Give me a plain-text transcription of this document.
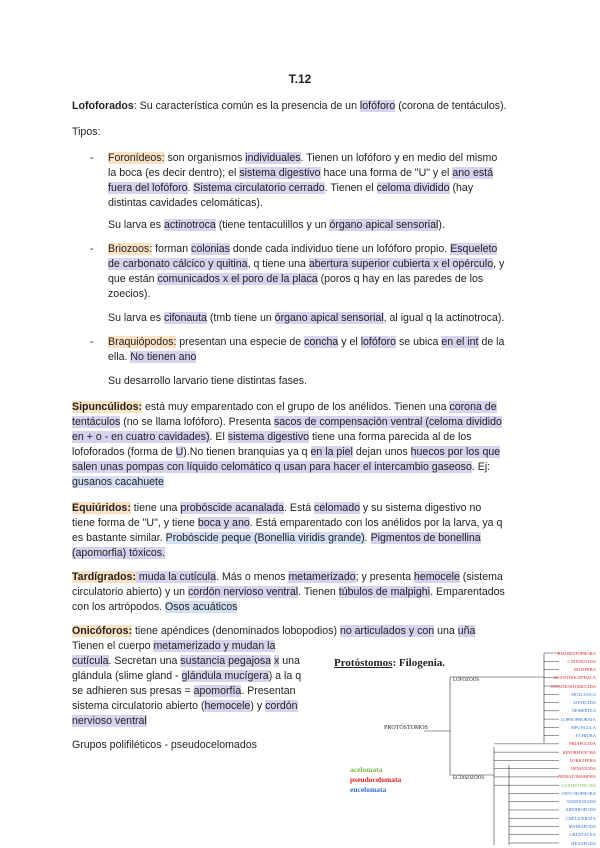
T.12
Lofoforados: Su característica común es la presencia de un lofóforo (corona de tentáculos).
Tipos:
- Foronídeos: son organismos individuales. Tienen un lofóforo y en medio del mismo
la boca (es decir dentro); el sistema digestivo hace una forma de "U" y el ano está
fuera del lofóforo. Sistema circulatorio cerrado. Tienen el celoma dividido (hay
distintas cavidades celomáticas).
Su larva es actinotroca (tiene tentaculillos y un órgano apical sensorial).
- Briozoos: forman colonias donde cada individuo tiene un lofóforo propio. Esqueleto
de carbonato cálcico y quitina, q tiene una abertura superior cubierta x el opérculo, y
que están comunicados x el poro de la placa (poros q hay en las paredes de los
zoecios).
Su larva es cifonauta (tmb tiene un órgano apical sensorial, al igual q la actinotroca).
- Braquiópodos: presentan una especie de concha y el lofóforo se ubica en el int de la
ella. No tienen ano
Su desarrollo larvario tiene distintas fases.
Sipuncúlidos: está muy emparentado con el grupo de los anélidos. Tienen una corona de
tentáculos (no se llama lofóforo). Presenta sacos de compensación ventral (celoma dividido
en + o - en cuatro cavidades). El sistema digestivo tiene una forma parecida al de los
lofoforados (forma de U).No tienen branquias ya q en la piel dejan unos huecos por los que
salen unas pompas con líquido celomático q usan para hacer el intercambio gaseoso. Ej:
gusanos cacahuete
Equiúridos: tiene una probóscide acanalada. Está celomado y su sistema digestivo no
tiene forma de "U", y tiene boca y ano. Está emparentado con los anélidos por la larva, ya q
es bastante similar. Probóscide peque (Bonellia viridis grande). Pigmentos de bonellina
(apomorfia) tóxicos.
Tardígrados: muda la cutícula. Más o menos metamerizado; y presenta hemocele (sistema
circulatorio abierto) y un cordón nervioso ventral. Tienen túbulos de malpighi. Emparentados
con los artrópodos. Osos acuáticos
Onicóforos: tiene apéndices (denominados lobopodios) no articulados y con una uña
Tienen el cuerpo metamerizado y mudan la
cutícula. Secretan una sustancia pegajosa x una
glándula (slime gland - glándula mucígera) a la q
se adhieren sus presas = apomorfía. Presentan
sistema circulatorio abierto (hemocele) y cordón
nervioso ventral
Grupos polifiléticos - pseudocelomados
Protóstomos: Filogenia.
LOFOZOOS
PROTÓSTOMOS
ECDISOZOOS
acelomata
pseudocelomata
eucelomata
RHABDITOPHORA
CATENULIDA
ROTIFERA
ACANTHOCEPHALA
GNATHOSTOMULIDA
MOLLUSCA
ANNELIDA
NEMERTEA
LOPHOPHORATA
SIPUNCULA
ECHIURA
PRIAPULIDA
KINORHYNCHA
LORICIFERA
NEMATODA
NEMATOMORPHA
GASTROTRICHA
ONYCHOPHORA
TARDIGRADA
ARTHROPODA
CHELICERATA
MYRIAPODA
CRUSTACEA
HEXAPODA
